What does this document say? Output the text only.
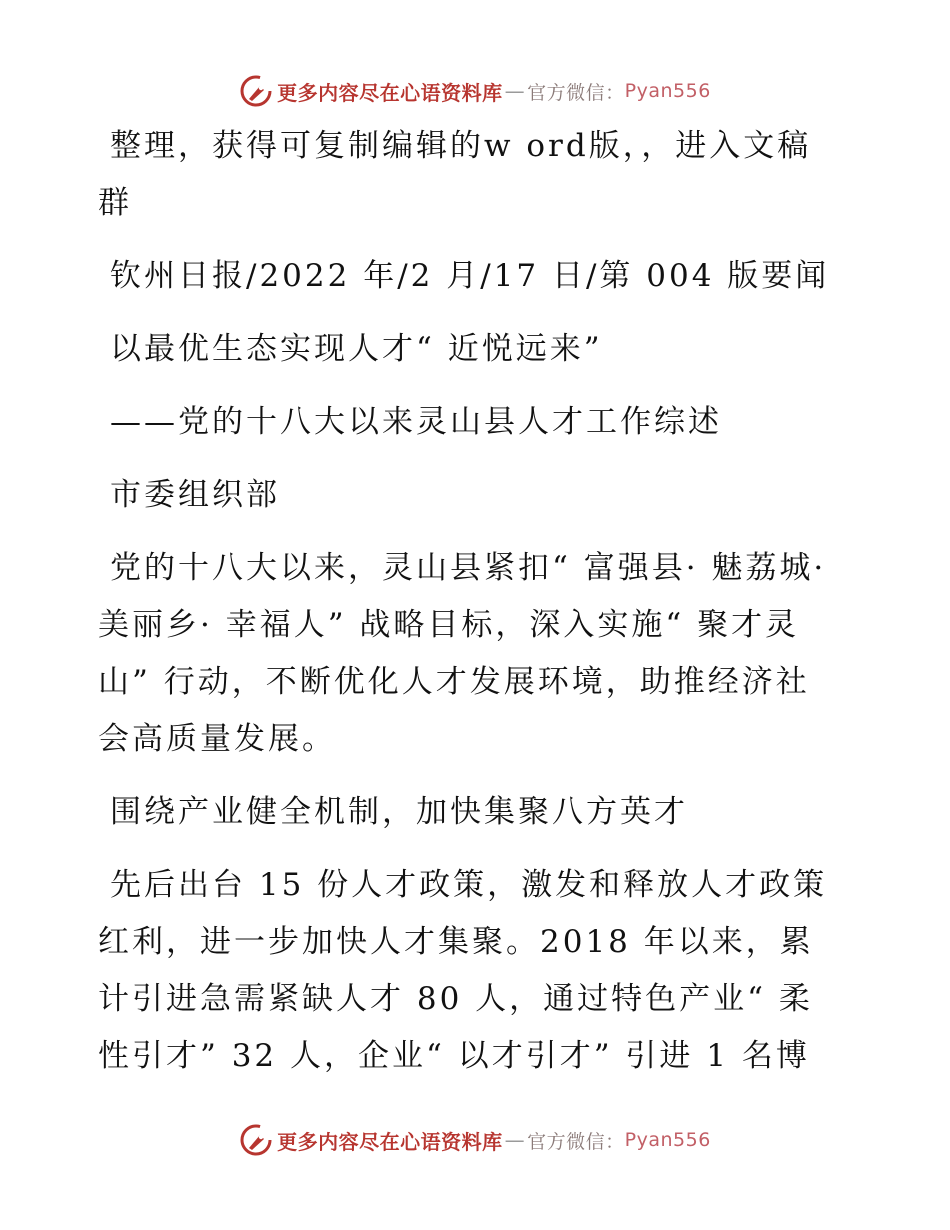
更多内容尽在心语资料库 — 官方微信： Pyan556

整理，获得可复制编辑的w ord版，，进入文稿群

钦州日报/2022 年/2 月/17 日/第 004 版要闻

以最优生态实现人才“ 近悦远来”

——党的十八大以来灵山县人才工作综述

市委组织部

党的十八大以来，灵山县紧扣“ 富强县· 魅荔城· 美丽乡· 幸福人” 战略目标，深入实施“ 聚才灵山” 行动，不断优化人才发展环境，助推经济社会高质量发展。

围绕产业健全机制，加快集聚八方英才

先后出台 15 份人才政策，激发和释放人才政策红利，进一步加快人才集聚。2018 年以来，累计引进急需紧缺人才 80 人，通过特色产业“ 柔性引才” 32 人，企业“ 以才引才” 引进 1 名博

更多内容尽在心语资料库 — 官方微信： Pyan556
